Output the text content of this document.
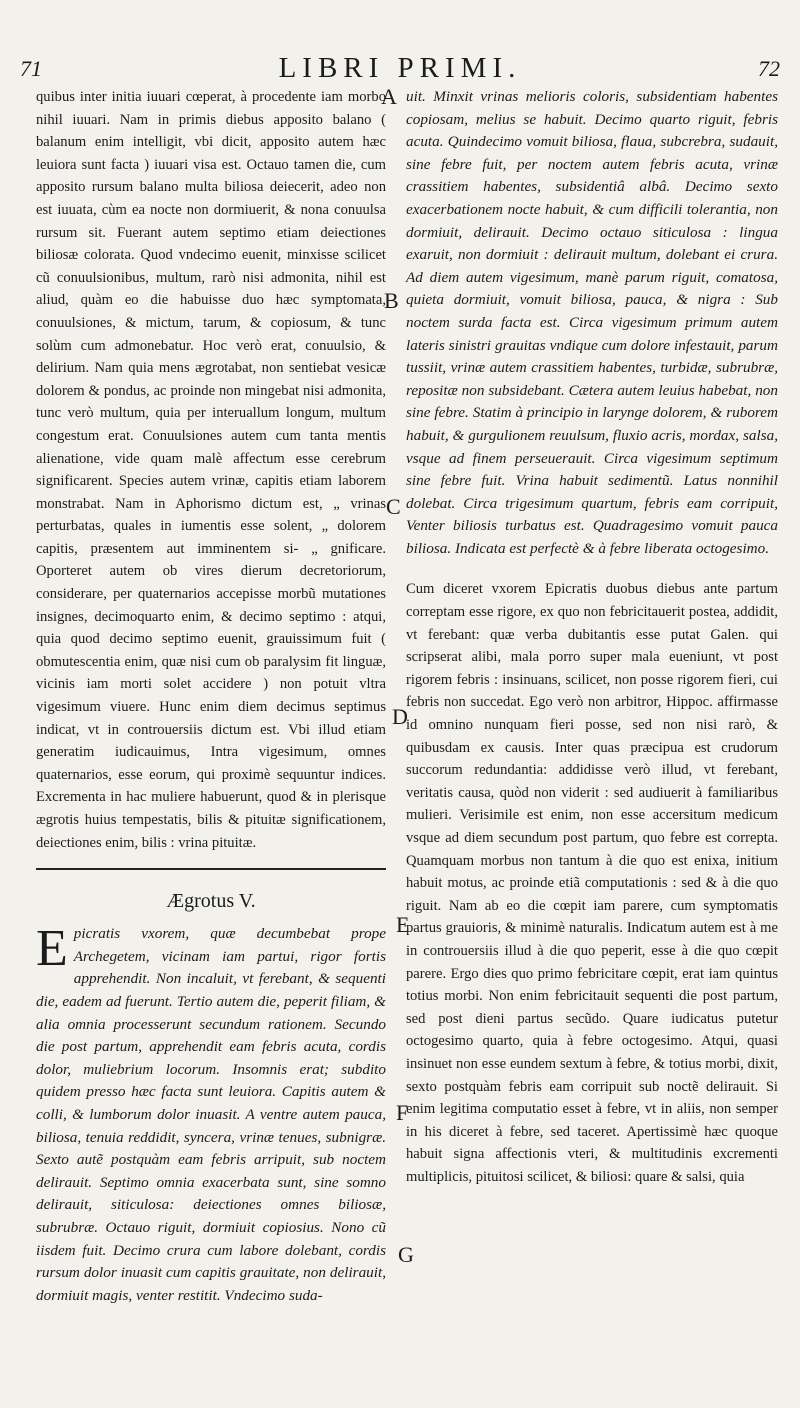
71	LIBRI PRIMI.	72

quibus inter initia iuuari cœperat, à procedente iam morbo nihil iuuari. Nam in primis diebus apposito balano ( balanum enim intelligit, vbi dicit, apposito autem hæc leuiora sunt facta ) iuuari visa est. Octauo tamen die, cum apposito rursum balano multa biliosa deiecerit, adeo non est iuuata, cùm ea nocte non dormiuerit, & nona conuulsa rursum sit. Fuerant autem septimo etiam deiectiones biliosæ colorata. Quod vndecimo euenit, minxisse scilicet cũ conuulsionibus, multum, rarò nisi admonita, nihil est aliud, quàm eo die habuisse duo hæc symptomata, conuulsiones, & mictum, tarum, & copiosum, & tunc solùm cum admonebatur. Hoc verò erat, conuulsio, & delirium. Nam quia mens ægrotabat, non sentiebat vesicæ dolorem & pondus, ac proinde non mingebat nisi admonita, tunc verò multum, quia per interuallum longum, multum congestum erat. Conuulsiones autem cum tanta mentis alienatione, vide quam malè affectum esse cerebrum significarent. Species autem vrinæ, capitis etiam laborem monstrabat. Nam in Aphorismo dictum est, „ vrinas perturbatas, quales in iumentis esse solent, „ dolorem capitis, præsentem aut imminentem si- „ gnificare. Oporteret autem ob vires dierum decretoriorum, considerare, per quaternarios accepisse morbũ mutationes insignes, decimoquarto enim, & decimo septimo : atqui, quia quod decimo septimo euenit, grauissimum fuit ( obmutescentia enim, quæ nisi cum ob paralysim fit linguæ, vicinis iam morti solet accidere ) non potuit vltra vigesimum viuere. Hunc enim diem decimus septimus indicat, vt in controuersiis dictum est. Vbi illud etiam generatim iudicauimus, Intra vigesimum, omnes quaternarios, esse eorum, qui proximè sequuntur indices. Excrementa in hac muliere habuerunt, quod & in plerisque ægrotis huius tempestatis, bilis & pituitæ significationem, deiectiones enim, bilis : vrina pituitæ.

Ægrotus V.

Epicratis vxorem, quæ decumbebat prope Archegetem, vicinam iam partui, rigor fortis apprehendit. Non incaluit, vt ferebant, & sequenti die, eadem ad fuerunt. Tertio autem die, peperit filiam, & alia omnia processerunt secundum rationem. Secundo die post partum, apprehendit eam febris acuta, cordis dolor, muliebrium locorum. Insomnis erat; subdito quidem presso hæc facta sunt leuiora. Capitis autem & colli, & lumborum dolor inuasit. A ventre autem pauca, biliosa, tenuia reddidit, syncera, vrinæ tenues, subnigræ. Sexto autẽ postquàm eam febris arripuit, sub noctem delirauit. Septimo omnia exacerbata sunt, sine somno delirauit, siticulosa: deiectiones omnes biliosæ, subrubræ. Octauo riguit, dormiuit copiosius. Nono cũ iisdem fuit. Decimo crura cum labore dolebant, cordis rursum dolor inuasit cum capitis grauitate, non delirauit, dormiuit magis, venter restitit. Vndecimo suda-

uit. Minxit vrinas melioris coloris, subsidentiam habentes copiosam, melius se habuit. Decimo quarto riguit, febris acuta. Quindecimo vomuit biliosa, flaua, subcrebra, sudauit, sine febre fuit, per noctem autem febris acuta, vrinæ crassitiem habentes, subsidentiâ albâ. Decimo sexto exacerbationem nocte habuit, & cum difficili tolerantia, non dormiuit, delirauit. Decimo octauo siticulosa : lingua exaruit, non dormiuit : delirauit multum, dolebant ei crura. Ad diem autem vigesimum, manè parum riguit, comatosa, quieta dormiuit, vomuit biliosa, pauca, & nigra : Sub noctem surda facta est. Circa vigesimum primum autem lateris sinistri grauitas vndique cum dolore infestauit, parum tussiit, vrinæ autem crassitiem habentes, turbidæ, subrubræ, repositæ non subsidebant. Cætera autem leuius habebat, non sine febre. Statim à principio in larynge dolorem, & ruborem habuit, & gurgulionem reuulsum, fluxio acris, mordax, salsa, vsque ad finem perseuerauit. Circa vigesimum septimum sine febre fuit. Vrina habuit sedimentũ. Latus nonnihil dolebat. Circa trigesimum quartum, febris eam corripuit, Venter biliosis turbatus est. Quadragesimo vomuit pauca biliosa. Indicata est perfectè & à febre liberata octogesimo.

Cum diceret vxorem Epicratis duobus diebus ante partum correptam esse rigore, ex quo non febricitauerit postea, addidit, vt ferebant: quæ verba dubitantis esse putat Galen. qui scripserat alibi, mala porro super mala eueniunt, vt post rigorem febris : insinuans, scilicet, non posse rigorem fieri, cui febris non succedat. Ego verò non arbitror, Hippoc. affirmasse id omnino nunquam fieri posse, sed non nisi rarò, & quibusdam ex causis. Inter quas præcipua est crudorum succorum redundantia: addidisse verò illud, vt ferebant, veritatis causa, quòd non viderit : sed audiuerit à familiaribus mulieri. Verisimile est enim, non esse accersitum medicum vsque ad diem secundum post partum, quo febre est correpta. Quamquam morbus non tantum à die quo est enixa, initium habuit motus, ac proinde etiã computationis : sed & à die quo riguit. Nam ab eo die cœpit iam parere, cum symptomatis partus grauioris, & minimè naturalis. Indicatum autem est à me in controuersiis illud à die quo peperit, esse à die quo cœpit parere. Ergo dies quo primo febricitare cœpit, erat iam quintus totius morbi. Non enim febricitauit sequenti die post partum, sed post dieni partus secũdo. Quare iudicatus putetur octogesimo quarto, quia à febre octogesimo. Atqui, quasi insinuet non esse eundem sextum à febre, & totius morbi, dixit, sexto postquàm febris eam corripuit sub noctẽ delirauit. Si enim legitima computatio esset à febre, vt in aliis, non semper in his diceret à febre, sed taceret. Apertissimè hæc quoque habuit signa affectionis vteri, & multitudinis excrementi multiplicis, pituitosi scilicet, & biliosi: quare & salsi, quia

A
B
C
D
E
F
G
